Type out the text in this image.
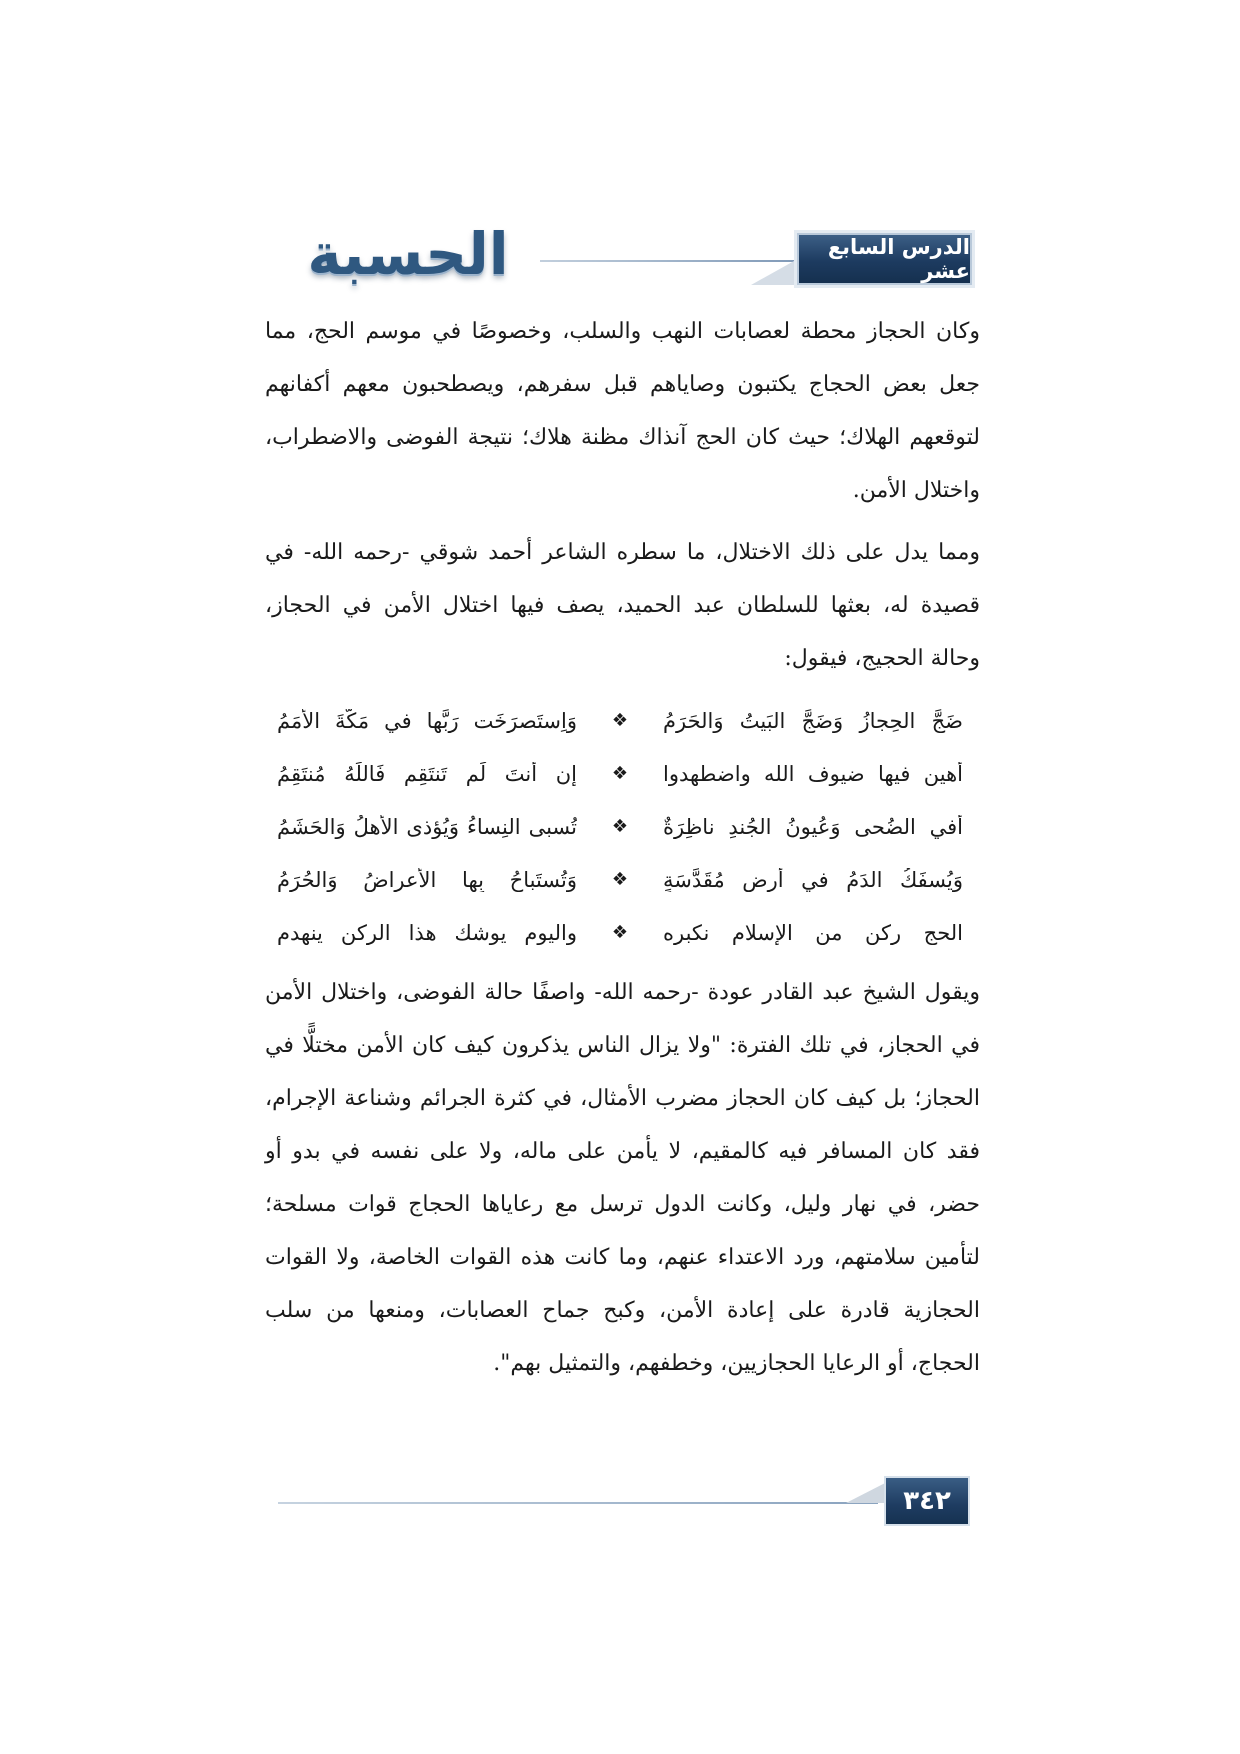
الحسبة	الدرس السابع عشر

وكان الحجاز محطة لعصابات النهب والسلب، وخصوصًا في موسم الحج، مما جعل بعض الحجاج يكتبون وصاياهم قبل سفرهم، ويصطحبون معهم أكفانهم لتوقعهم الهلاك؛ حيث كان الحج آنذاك مظنة هلاك؛ نتيجة الفوضى والاضطراب، واختلال الأمن.

ومما يدل على ذلك الاختلال، ما سطره الشاعر أحمد شوقي -رحمه الله- في قصيدة له، بعثها للسلطان عبد الحميد، يصف فيها اختلال الأمن في الحجاز، وحالة الحجيج، فيقول:

ضَجَّ الحِجازُ وَضَجَّ البَيتُ وَالحَرَمُ
❖
وَاِستَصرَخَت رَبَّها في مَكَّةَ الأُمَمُ
أهين فيها ضيوف الله واضطهدوا
❖
إِن أَنتَ لَم تَنتَقِم فَاللَهُ مُنتَقِمُ
أَفي الضُحى وَعُيونُ الجُندِ ناظِرَةٌ
❖
تُسبى النِساءُ وَيُؤذى الأَهلُ وَالحَشَمُ
وَيُسفَكُ الدَمُ في أَرضٍ مُقَدَّسَةٍ
❖
وَتُستَباحُ بِها الأَعراضُ وَالحُرَمُ
الحج ركن من الإسلام نكبره
❖
واليوم يوشك هذا الركن ينهدم

ويقول الشيخ عبد القادر عودة -رحمه الله- واصفًا حالة الفوضى، واختلال الأمن في الحجاز، في تلك الفترة: "ولا يزال الناس يذكرون كيف كان الأمن مختلًّا في الحجاز؛ بل كيف كان الحجاز مضرب الأمثال، في كثرة الجرائم وشناعة الإجرام، فقد كان المسافر فيه كالمقيم، لا يأمن على ماله، ولا على نفسه في بدو أو حضر، في نهار وليل، وكانت الدول ترسل مع رعاياها الحجاج قوات مسلحة؛ لتأمين سلامتهم، ورد الاعتداء عنهم، وما كانت هذه القوات الخاصة، ولا القوات الحجازية قادرة على إعادة الأمن، وكبح جماح العصابات، ومنعها من سلب الحجاج، أو الرعايا الحجازيين، وخطفهم، والتمثيل بهم".

٣٤٢
